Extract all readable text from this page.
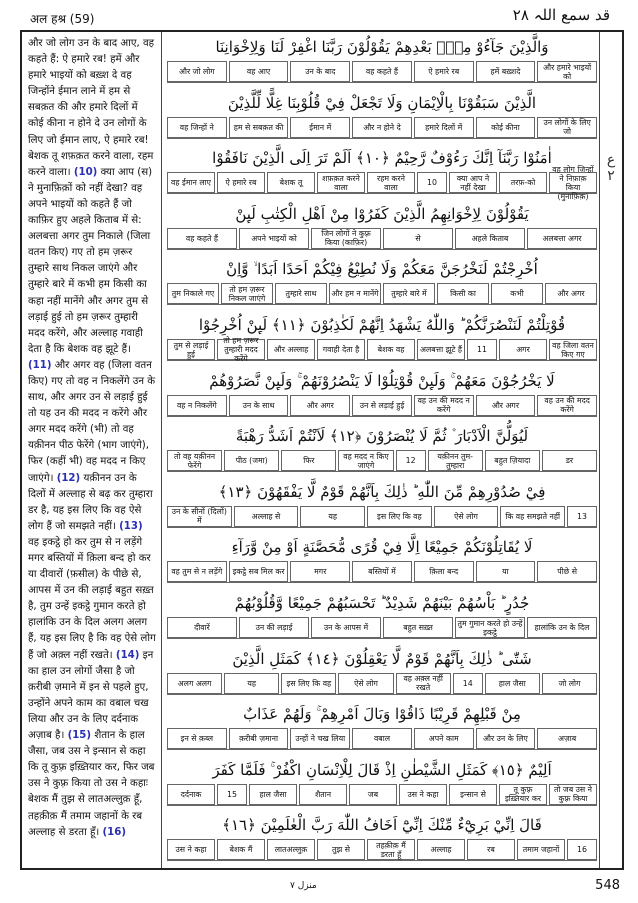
अल हश्र (59)	قد سمع اللہ ۲۸

और जो लोग उन के बाद आए, वह कहते हैं: ऐ हमारे रब! हमें और हमारे भाइयों को बख़्श दे वह जिन्होंने ईमान लाने में हम से सबक़त की और हमारे दिलों में कोई कीना न होने दे उन लोगों के लिए जो ईमान लाए, ऐ हमारे रब! बेशक तू शफ़क़त करने वाला, रहम करने वाला। (10) क्या आप (स) ने मुनाफ़िक़ों को नहीं देखा? वह अपने भाइयों को कहते हैं जो काफ़िर हुए अहले किताब में से: अलबत्ता अगर तुम निकाले (जिला वतन किए) गए तो हम ज़रूर तुम्हारे साथ निकल जाएंगे और तुम्हारे बारे में कभी हम किसी का कहा नहीं मानेंगे और अगर तुम से लड़ाई हुई तो हम ज़रूर तुम्हारी मदद करेंगे, और अल्लाह गवाही देता है कि बेशक वह झूटे हैं। (11) और अगर वह (जिला वतन किए) गए तो वह न निकलेंगे उन के साथ, और अगर उन से लड़ाई हुई तो यह उन की मदद न करेंगे और अगर मदद करेंगे (भी) तो वह यक़ीनन पीठ फेरेंगे (भाग जाएंगे), फिर (कहीं भी) वह मदद न किए जाएंगे। (12) यक़ीनन उन के दिलों में अल्लाह से बढ़ कर तुम्हारा डर है, यह इस लिए कि वह ऐसे लोग हैं जो समझते नहीं। (13) वह इकट्ठे हो कर तुम से न लड़ेंगे मगर बस्तियों में क़िला बन्द हो कर या दीवारों (फ़सील) के पीछे से, आपस में उन की लड़ाई बहुत सख़्त है, तुम उन्हें इकट्ठे गुमान करते हो हालांकि उन के दिल अलग अलग हैं, यह इस लिए है कि वह ऐसे लोग हैं जो अक़्ल नहीं रखते। (14) इन का हाल उन लोगों जैसा है जो क़रीबी ज़माने में इन से पहले हुए, उन्होंने अपने काम का वबाल चख लिया और उन के लिए दर्दनाक अज़ाब है। (15) शैतान के हाल जैसा, जब उस ने इन्सान से कहा कि तू कुफ़्र इख़्तियार कर, फिर जब उस ने कुफ़्र किया तो उस ने कहाः बेशक मैं तुझ से लातअल्लुक़ हूँ, तहक़ीक़ मैं तमाम जहानों के रब अल्लाह से डरता हूँ। (16)

وَالَّذِيْنَ جَآءُوْ مِنْۢ بَعْدِهِمْ يَقُوْلُوْنَ رَبَّنَا اغْفِرْ لَنَا وَلِاِخْوَانِنَا
और हमारे भाइयों को
हमें बख़्शदे
ऐ हमारे रब
वह कहते हैं
उन के बाद
वह आए
और जो लोग
الَّذِيْنَ سَبَقُوْنَا بِالْاِيْمَانِ وَلَا تَجْعَلْ فِيْ قُلُوْبِنَا غِلًّا لِّلَّذِيْنَ
उन लोगों के लिए जो
कोई कीना
हमारे दिलों में
और न होने दे
ईमान में
हम से सबक़त की
वह जिन्हों ने
اٰمَنُوْا رَبَّنَآ اِنَّكَ رَءُوْفٌ رَّحِيْمٌ ﴿١٠﴾ اَلَمْ تَرَ اِلَى الَّذِيْنَ نَافَقُوْا
वह लोग जिन्हों ने निफ़ाक़ किया (मुनाफ़िक़)
तरफ़-को
क्या आप ने नहीं देखा
10
रहम करने वाला
शफ़क़त करने वाला
बेशक तू
ऐ हमारे रब
वह ईमान लाए
يَقُوْلُوْنَ لِاِخْوَانِهِمُ الَّذِيْنَ كَفَرُوْا مِنْ اَهْلِ الْكِتٰبِ لَىِٕنْ
अलबत्ता अगर
अहले किताब
से
जिन लोगों ने कुफ़्र किया (काफ़िर)
अपने भाइयों को
वह कहते हैं
اُخْرِجْتُمْ لَنَخْرُجَنَّ مَعَكُمْ وَلَا نُطِيْعُ فِيْكُمْ اَحَدًا اَبَدًا ۙ وَّاِنْ
और अगर
कभी
किसी का
तुम्हारे बारे में
और हम न मानेंगे
तुम्हारे साथ
तो हम ज़रूर निकल जाएंगे
तुम निकाले गए
قُوْتِلْتُمْ لَنَنْصُرَنَّكُمْ ؕ وَاللّٰهُ يَشْهَدُ اِنَّهُمْ لَكٰذِبُوْنَ ﴿١١﴾ لَىِٕنْ اُخْرِجُوْا
वह जिला वतन किए गए
अगर
11
अलबत्ता झूटे हैं
बेशक वह
गवाही देता है
और अल्लाह
तो हम ज़रूर तुम्हारी मदद करेंगे
तुम से लड़ाई हुई
لَا يَخْرُجُوْنَ مَعَهُمْ ۚ وَلَىِٕنْ قُوْتِلُوْا لَا يَنْصُرُوْنَهُمْ ۚ وَلَىِٕنْ نَّصَرُوْهُمْ
वह उन की मदद करेंगे
और अगर
वह उन की मदद न करेंगे
उन से लड़ाई हुई
और अगर
उन के साथ
वह न निकलेंगे
لَيُوَلُّنَّ الْاَدْبَارَ ۫ ثُمَّ لَا يُنْصَرُوْنَ ﴿١٢﴾ لَاَنْتُمْ اَشَدُّ رَهْبَةً
डर
बहुत ज़ियादा
यक़ीनन तुम-तुम्हारा
12
वह मदद न किए जाएंगे
फिर
पीठ (जमा)
तो वह यक़ीनन फेरेंगे
فِيْ صُدُوْرِهِمْ مِّنَ اللّٰهِ ؕ ذٰلِكَ بِاَنَّهُمْ قَوْمٌ لَّا يَفْقَهُوْنَ ﴿١٣﴾
13
कि वह समझते नहीं
ऐसे लोग
इस लिए कि वह
यह
अल्लाह से
उन के सीनों (दिलों) में
لَا يُقَاتِلُوْنَكُمْ جَمِيْعًا اِلَّا فِيْ قُرًى مُّحَصَّنَةٍ اَوْ مِنْ وَّرَآءِ
पीछे से
या
क़िला बन्द
बस्तियों में
मगर
इकट्ठे सब मिल कर
वह तुम से न लड़ेंगे
جُدُرٍ ؕ بَاْسُهُمْ بَيْنَهُمْ شَدِيْدٌ ؕ تَحْسَبُهُمْ جَمِيْعًا وَّقُلُوْبُهُمْ
हालांकि उन के दिल
तुम गुमान करते हो उन्हें इकट्ठे
बहुत सख़्त
उन के आपस में
उन की लड़ाई
दीवारें
شَتّٰى ؕ ذٰلِكَ بِاَنَّهُمْ قَوْمٌ لَّا يَعْقِلُوْنَ ﴿١٤﴾ كَمَثَلِ الَّذِيْنَ
जो लोग
हाल जैसा
14
वह अक़्ल नहीं रखते
ऐसे लोग
इस लिए कि वह
यह
अलग अलग
مِنْ قَبْلِهِمْ قَرِيْبًا ذَاقُوْا وَبَالَ اَمْرِهِمْ ۚ وَلَهُمْ عَذَابٌ
अज़ाब
और उन के लिए
अपने काम
वबाल
उन्हों ने चख लिया
क़रीबी ज़माना
इन से क़ब्ल
اَلِيْمٌ ﴿١٥﴾ كَمَثَلِ الشَّيْطٰنِ اِذْ قَالَ لِلْاِنْسَانِ اكْفُرْ ۚ فَلَمَّا كَفَرَ
तो जब उस ने कुफ़्र किया
तू कुफ़्र इख़्तियार कर
इन्सान से
उस ने कहा
जब
शैतान
हाल जैसा
15
दर्दनाक
قَالَ اِنِّيْ بَرِيْٓءٌ مِّنْكَ اِنِّيْٓ اَخَافُ اللّٰهَ رَبَّ الْعٰلَمِيْنَ ﴿١٦﴾
16
तमाम जहानों
रब
अल्लाह
तहक़ीक़ मैं डरता हूँ
तुझ से
लातअल्लुक़
बेशक मैं
उस ने कहा
ع ۲
منزل ۷	548
